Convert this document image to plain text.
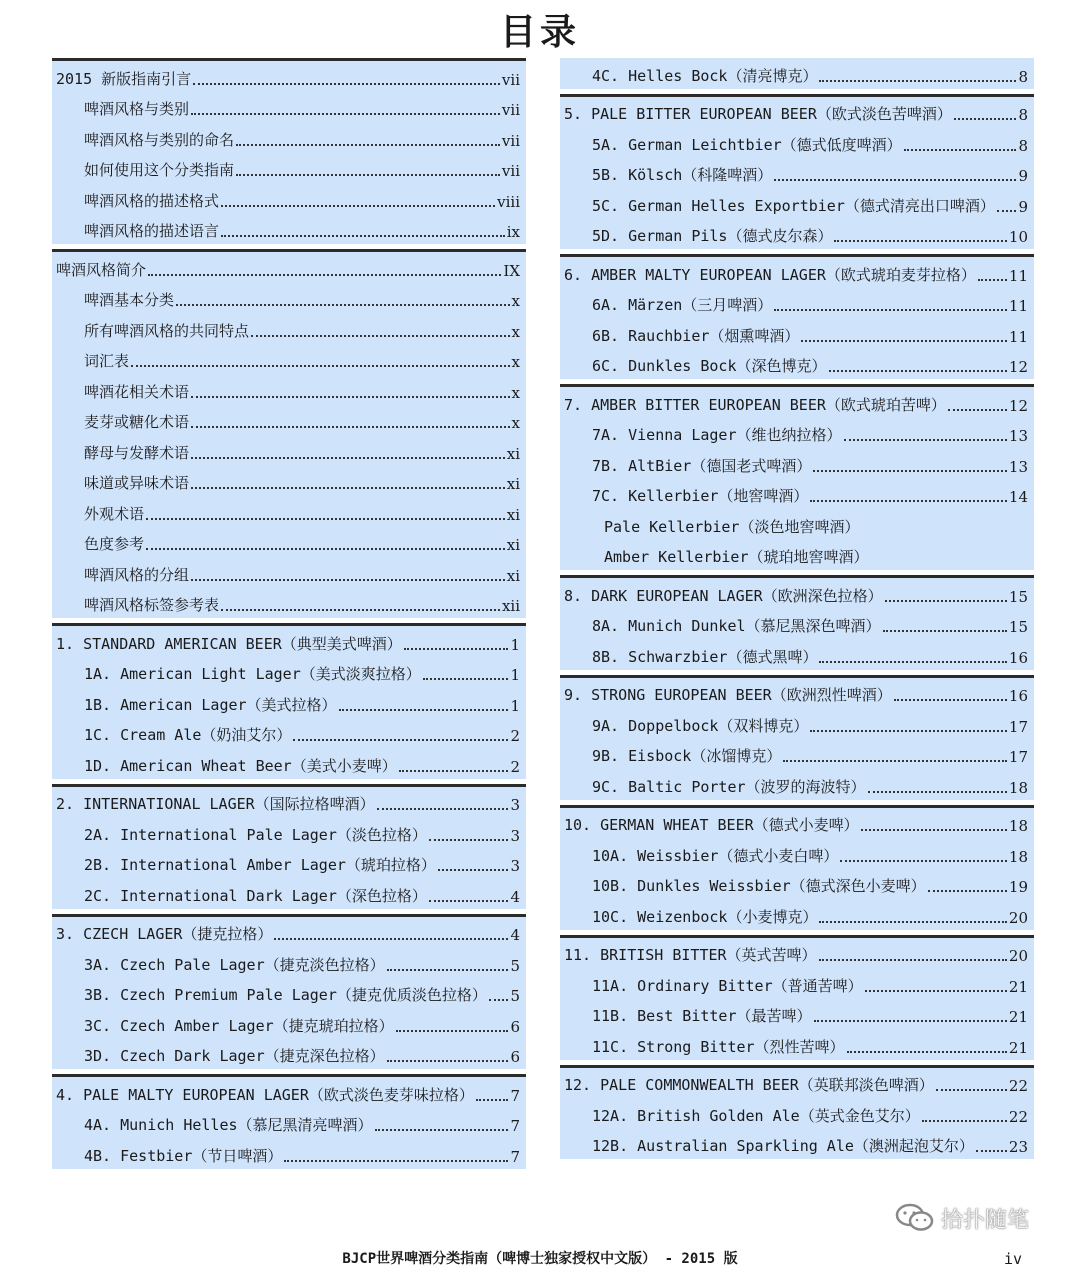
目录
2015 新版指南引言	vii
啤酒风格与类别	vii
啤酒风格与类别的命名	vii
如何使用这个分类指南	vii
啤酒风格的描述格式	viii
啤酒风格的描述语言	ix
啤酒风格简介	IX
啤酒基本分类	x
所有啤酒风格的共同特点	x
词汇表	x
啤酒花相关术语	x
麦芽或糖化术语	x
酵母与发酵术语	xi
味道或异味术语	xi
外观术语	xi
色度参考	xi
啤酒风格的分组	xi
啤酒风格标签参考表	xii
1. STANDARD AMERICAN BEER（典型美式啤酒）	1
1A. American Light Lager（美式淡爽拉格）	1
1B. American Lager（美式拉格）	1
1C. Cream Ale（奶油艾尔）	2
1D. American Wheat Beer（美式小麦啤）	2
2. INTERNATIONAL LAGER（国际拉格啤酒）	3
2A. International Pale Lager（淡色拉格）	3
2B. International Amber Lager（琥珀拉格）	3
2C. International Dark Lager（深色拉格）	4
3. CZECH LAGER（捷克拉格）	4
3A. Czech Pale Lager（捷克淡色拉格）	5
3B. Czech Premium Pale Lager（捷克优质淡色拉格） 5
3C. Czech Amber Lager（捷克琥珀拉格）	6
3D. Czech Dark Lager（捷克深色拉格）	6
4. PALE MALTY EUROPEAN LAGER（欧式淡色麦芽味拉格） 7
4A. Munich Helles（慕尼黑清亮啤酒）	7
4B. Festbier（节日啤酒）	7
4C. Helles Bock（清亮博克）	8
5. PALE BITTER EUROPEAN BEER（欧式淡色苦啤酒）	8
5A. German Leichtbier（德式低度啤酒）	8
5B. Kölsch（科隆啤酒）	9
5C. German Helles Exportbier（德式清亮出口啤酒） 9
5D. German Pils（德式皮尔森）	10
6. AMBER MALTY EUROPEAN LAGER（欧式琥珀麦芽拉格） 11
6A. Märzen（三月啤酒）	11
6B. Rauchbier（烟熏啤酒）	11
6C. Dunkles Bock（深色博克）	12
7. AMBER BITTER EUROPEAN BEER（欧式琥珀苦啤）	12
7A. Vienna Lager（维也纳拉格）	13
7B. AltBier（德国老式啤酒）	13
7C. Kellerbier（地窖啤酒）	14
Pale Kellerbier（淡色地窖啤酒）
Amber Kellerbier（琥珀地窖啤酒）
8. DARK EUROPEAN LAGER（欧洲深色拉格）	15
8A. Munich Dunkel（慕尼黑深色啤酒）	15
8B. Schwarzbier（德式黑啤）	16
9. STRONG EUROPEAN BEER（欧洲烈性啤酒）	16
9A. Doppelbock（双料博克）	17
9B. Eisbock（冰馏博克）	17
9C. Baltic Porter（波罗的海波特）	18
10. GERMAN WHEAT BEER（德式小麦啤）	18
10A. Weissbier（德式小麦白啤）	18
10B. Dunkles Weissbier（德式深色小麦啤）	19
10C. Weizenbock（小麦博克）	20
11. BRITISH BITTER（英式苦啤）	20
11A. Ordinary Bitter（普通苦啤）	21
11B. Best Bitter（最苦啤）	21
11C. Strong Bitter（烈性苦啤）	21
12. PALE COMMONWEALTH BEER（英联邦淡色啤酒）	22
12A. British Golden Ale（英式金色艾尔）	22
12B. Australian Sparkling Ale（澳洲起泡艾尔） 23
BJCP世界啤酒分类指南（啤博士独家授权中文版） - 2015 版	iv
拾扑随笔
